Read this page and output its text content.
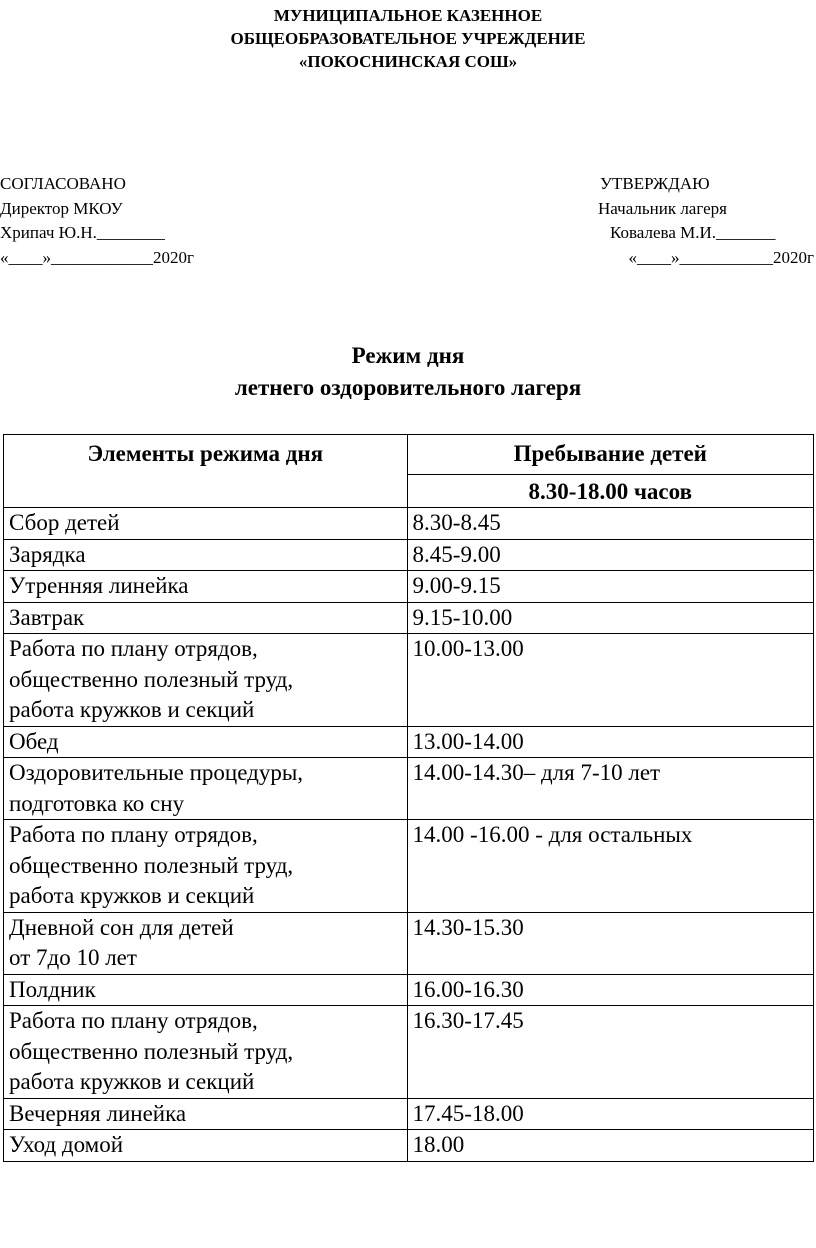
МУНИЦИПАЛЬНОЕ КАЗЕННОЕ
ОБЩЕОБРАЗОВАТЕЛЬНОЕ УЧРЕЖДЕНИЕ
«ПОКОСНИНСКАЯ СОШ»
СОГЛАСОВАНО
Директор МКОУ
Хрипач Ю.Н.________
«____»____________2020г
УТВЕРЖДАЮ
Начальник лагеря
Ковалева М.И._______
«____»___________2020г
Режим дня
летнего оздоровительного лагеря
Элементы режима дня	Пребывание детей
	8.30-18.00 часов

Сбор детей	8.30-8.45

Зарядка	8.45-9.00

Утренняя линейка	9.00-9.15

Завтрак	9.15-10.00

Работа по плану отрядов,
общественно полезный труд,
работа кружков и секций	10.00-13.00

Обед	13.00-14.00

Оздоровительные процедуры,
подготовка ко сну	14.00-14.30– для 7-10 лет

Работа по плану отрядов,
общественно полезный труд,
работа кружков и секций	14.00 -16.00 - для остальных

Дневной сон для детей
от 7до 10 лет	14.30-15.30

Полдник	16.00-16.30

Работа по плану отрядов,
общественно полезный труд,
работа кружков и секций	16.30-17.45

Вечерняя линейка	17.45-18.00

Уход домой	18.00
